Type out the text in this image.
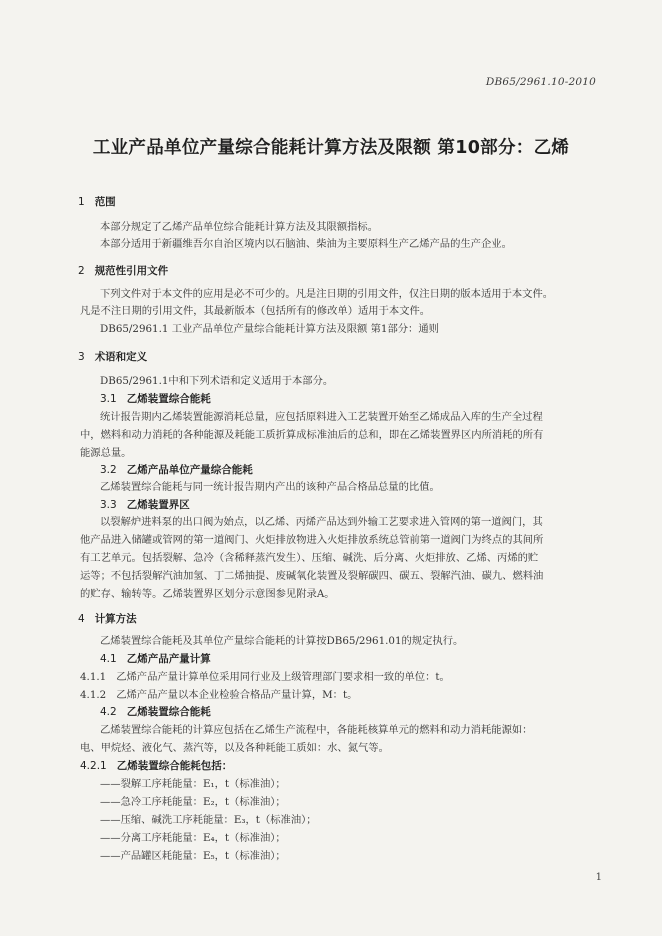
DB65/2961.10-2010
工业产品单位产量综合能耗计算方法及限额 第10部分：乙烯
1 范围
本部分规定了乙烯产品单位综合能耗计算方法及其限额指标。
本部分适用于新疆维吾尔自治区境内以石脑油、柴油为主要原料生产乙烯产品的生产企业。
2 规范性引用文件
下列文件对于本文件的应用是必不可少的。凡是注日期的引用文件，仅注日期的版本适用于本文件。
凡是不注日期的引用文件，其最新版本（包括所有的修改单）适用于本文件。
DB65/2961.1 工业产品单位产量综合能耗计算方法及限额 第1部分：通则
3 术语和定义
DB65/2961.1中和下列术语和定义适用于本部分。
3.1 乙烯装置综合能耗
统计报告期内乙烯装置能源消耗总量，应包括原料进入工艺装置开始至乙烯成品入库的生产全过程
中，燃料和动力消耗的各种能源及耗能工质折算成标准油后的总和，即在乙烯装置界区内所消耗的所有
能源总量。
3.2 乙烯产品单位产量综合能耗
乙烯装置综合能耗与同一统计报告期内产出的该种产品合格品总量的比值。
3.3 乙烯装置界区
以裂解炉进料泵的出口阀为始点，以乙烯、丙烯产品达到外输工艺要求进入管网的第一道阀门，其
他产品进入储罐或管网的第一道阀门、火炬排放物进入火炬排放系统总管前第一道阀门为终点的其间所
有工艺单元。包括裂解、急冷（含稀释蒸汽发生）、压缩、碱洗、后分离、火炬排放、乙烯、丙烯的贮
运等；不包括裂解汽油加氢、丁二烯抽提、废碱氧化装置及裂解碳四、碳五、裂解汽油、碳九、燃料油
的贮存、输转等。乙烯装置界区划分示意图参见附录A。
4 计算方法
乙烯装置综合能耗及其单位产量综合能耗的计算按DB65/2961.01的规定执行。
4.1 乙烯产品产量计算
4.1.1 乙烯产品产量计算单位采用同行业及上级管理部门要求相一致的单位：t。
4.1.2 乙烯产品产量以本企业检验合格品产量计算，M：t。
4.2 乙烯装置综合能耗
乙烯装置综合能耗的计算应包括在乙烯生产流程中，各能耗核算单元的燃料和动力消耗能源如：
电、甲烷烃、液化气、蒸汽等，以及各种耗能工质如：水、氮气等。
4.2.1 乙烯装置综合能耗包括：
——裂解工序耗能量：E₁，t（标准油）；
——急冷工序耗能量：E₂，t（标准油）；
——压缩、碱洗工序耗能量：E₃，t（标准油）；
——分离工序耗能量：E₄，t（标准油）；
——产品罐区耗能量：E₅，t（标准油）；
1
